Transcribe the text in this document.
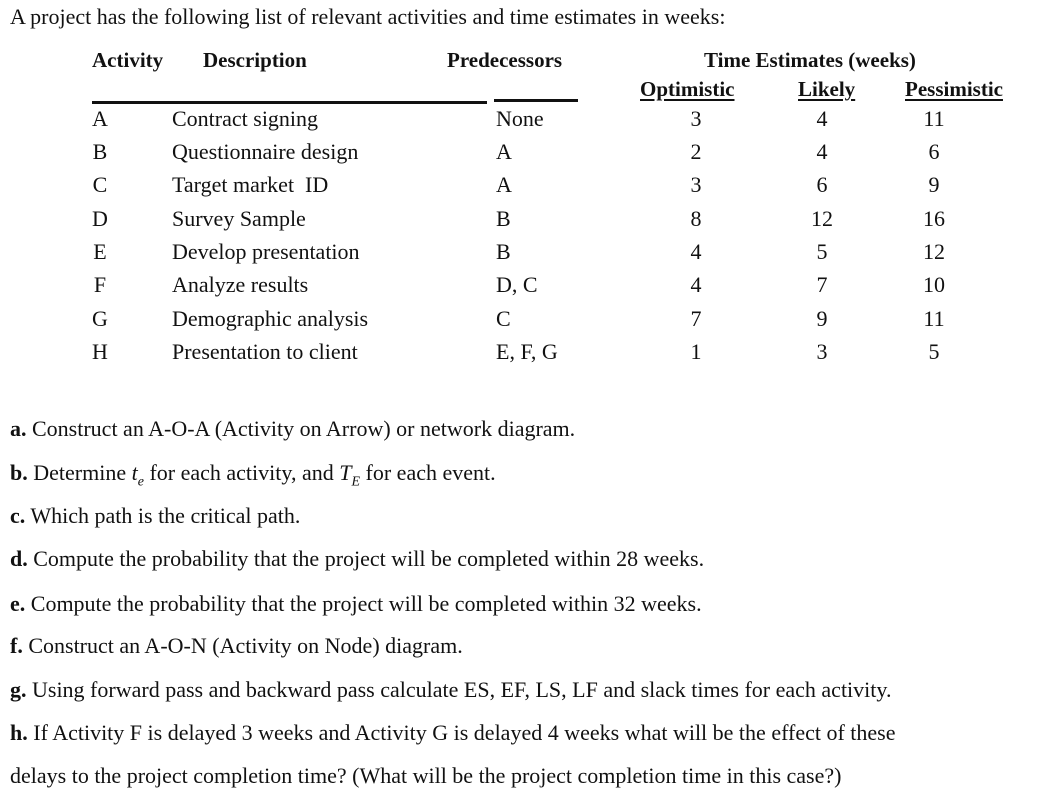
A project has the following list of relevant activities and time estimates in weeks:
Activity Description	Predecessors	Time Estimates (weeks)
Optimistic	Likely Pessimistic
A	Contract signing	None	3	4	11
B	Questionnaire design	A	2	4	6
C	Target market  ID	A	3	6	9
D	Survey Sample	B	8	12	16
E	Develop presentation	B	4	5	12
F	Analyze results	D, C	4	7	10
G	Demographic analysis	C	7	9	11
H	Presentation to client	E, F, G	1	3	5
a. Construct an A-O-A (Activity on Arrow) or network diagram.
b. Determine $t_e$ for each activity, and $T_E$ for each event.
c. Which path is the critical path.
d. Compute the probability that the project will be completed within 28 weeks.
e. Compute the probability that the project will be completed within 32 weeks.
f. Construct an A-O-N (Activity on Node) diagram.
g. Using forward pass and backward pass calculate ES, EF, LS, LF and slack times for each activity.
h. If Activity F is delayed 3 weeks and Activity G is delayed 4 weeks what will be the effect of these
delays to the project completion time? (What will be the project completion time in this case?)
